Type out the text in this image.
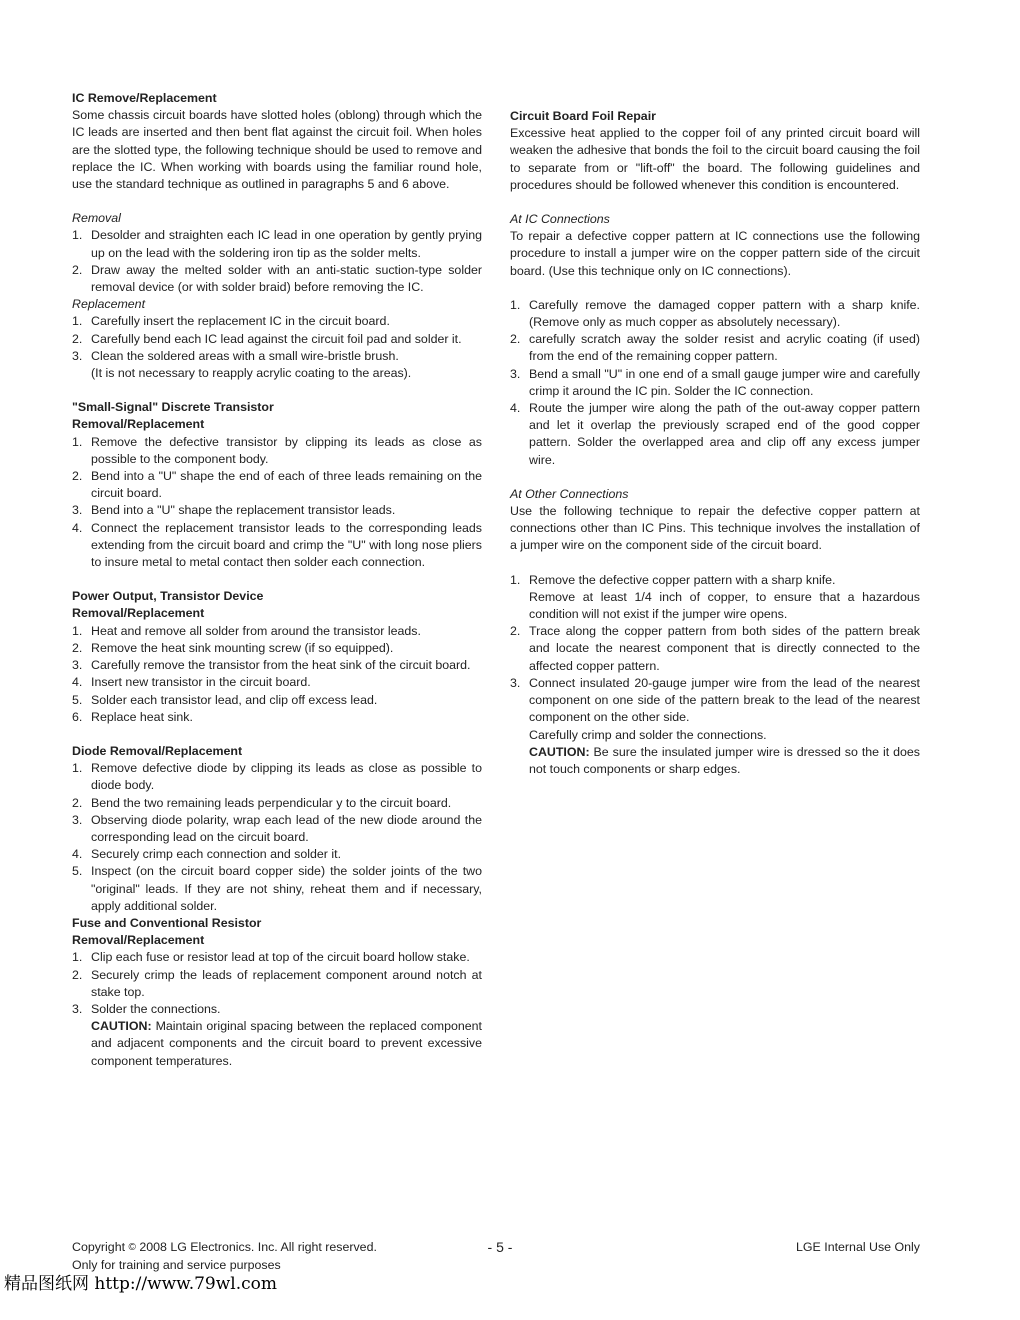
IC Remove/Replacement

Some chassis circuit boards have slotted holes (oblong) through which the IC leads are inserted and then bent flat against the circuit foil. When holes are the slotted type, the following technique should be used to remove and replace the IC. When working with boards using the familiar round hole, use the standard technique as outlined in paragraphs 5 and 6 above.

Removal

1. Desolder and straighten each IC lead in one operation by gently prying up on the lead with the soldering iron tip as the solder melts.
2. Draw away the melted solder with an anti-static suction-type solder removal device (or with solder braid) before removing the IC.

Replacement

1. Carefully insert the replacement IC in the circuit board.
2. Carefully bend each IC lead against the circuit foil pad and solder it.
3. Clean the soldered areas with a small wire-bristle brush.
(It is not necessary to reapply acrylic coating to the areas).

"Small-Signal" Discrete Transistor

Removal/Replacement

1. Remove the defective transistor by clipping its leads as close as possible to the component body.
2. Bend into a "U" shape the end of each of three leads remaining on the circuit board.
3. Bend into a "U" shape the replacement transistor leads.
4. Connect the replacement transistor leads to the corresponding leads extending from the circuit board and crimp the "U" with long nose pliers to insure metal to metal contact then solder each connection.

Power Output, Transistor Device

Removal/Replacement

1. Heat and remove all solder from around the transistor leads.
2. Remove the heat sink mounting screw (if so equipped).
3. Carefully remove the transistor from the heat sink of the circuit board.
4. Insert new transistor in the circuit board.
5. Solder each transistor lead, and clip off excess lead.
6. Replace heat sink.

Diode Removal/Replacement

1. Remove defective diode by clipping its leads as close as possible to diode body.
2. Bend the two remaining leads perpendicular y to the circuit board.
3. Observing diode polarity, wrap each lead of the new diode around the corresponding lead on the circuit board.
4. Securely crimp each connection and solder it.
5. Inspect (on the circuit board copper side) the solder joints of the two "original" leads. If they are not shiny, reheat them and if necessary, apply additional solder.

Fuse and Conventional Resistor

Removal/Replacement

1. Clip each fuse or resistor lead at top of the circuit board hollow stake.
2. Securely crimp the leads of replacement component around notch at stake top.
3. Solder the connections.
CAUTION: Maintain original spacing between the replaced component and adjacent components and the circuit board to prevent excessive component temperatures.

Circuit Board Foil Repair

Excessive heat applied to the copper foil of any printed circuit board will weaken the adhesive that bonds the foil to the circuit board causing the foil to separate from or "lift-off" the board. The following guidelines and procedures should be followed whenever this condition is encountered.

At IC Connections

To repair a defective copper pattern at IC connections use the following procedure to install a jumper wire on the copper pattern side of the circuit board. (Use this technique only on IC connections).

1. Carefully remove the damaged copper pattern with a sharp knife. (Remove only as much copper as absolutely necessary).
2. carefully scratch away the solder resist and acrylic coating (if used) from the end of the remaining copper pattern.
3. Bend a small "U" in one end of a small gauge jumper wire and carefully crimp it around the IC pin. Solder the IC connection.
4. Route the jumper wire along the path of the out-away copper pattern and let it overlap the previously scraped end of the good copper pattern. Solder the overlapped area and clip off any excess jumper wire.

At Other Connections

Use the following technique to repair the defective copper pattern at connections other than IC Pins. This technique involves the installation of a jumper wire on the component side of the circuit board.

1. Remove the defective copper pattern with a sharp knife.
Remove at least 1/4 inch of copper, to ensure that a hazardous condition will not exist if the jumper wire opens.
2. Trace along the copper pattern from both sides of the pattern break and locate the nearest component that is directly connected to the affected copper pattern.
3. Connect insulated 20-gauge jumper wire from the lead of the nearest component on one side of the pattern break to the lead of the nearest component on the other side.
Carefully crimp and solder the connections.
CAUTION: Be sure the insulated jumper wire is dressed so the it does not touch components or sharp edges.
Copyright © 2008 LG Electronics. Inc. All right reserved.
Only for training and service purposes
- 5 -	LGE Internal Use Only
精品图纸网 http://www.79wl.com
